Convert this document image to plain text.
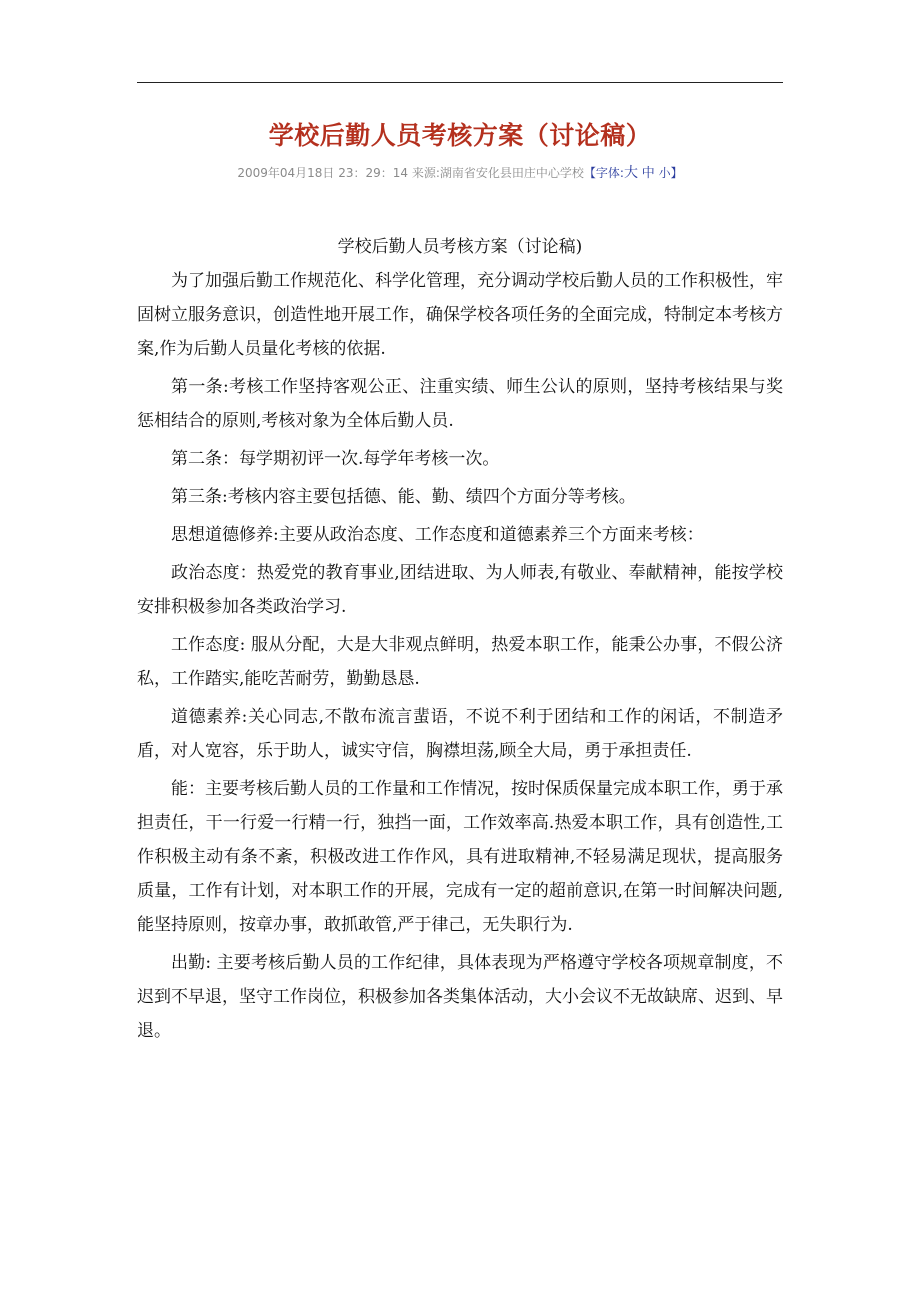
学校后勤人员考核方案（讨论稿）
2009年04月18日 23：29：14 来源:湖南省安化县田庄中心学校【字体:大 中 小】
学校后勤人员考核方案（讨论稿)

为了加强后勤工作规范化、科学化管理，充分调动学校后勤人员的工作积极性，牢固树立服务意识，创造性地开展工作，确保学校各项任务的全面完成，特制定本考核方案,作为后勤人员量化考核的依据.

第一条:考核工作坚持客观公正、注重实绩、师生公认的原则，坚持考核结果与奖惩相结合的原则,考核对象为全体后勤人员.

第二条：每学期初评一次.每学年考核一次。

第三条:考核内容主要包括德、能、勤、绩四个方面分等考核。

思想道德修养:主要从政治态度、工作态度和道德素养三个方面来考核：

政治态度：热爱党的教育事业,团结进取、为人师表,有敬业、奉献精神，能按学校安排积极参加各类政治学习.

工作态度: 服从分配，大是大非观点鲜明，热爱本职工作，能秉公办事，不假公济私，工作踏实,能吃苦耐劳，勤勤恳恳.

道德素养:关心同志,不散布流言蜚语，不说不利于团结和工作的闲话，不制造矛盾，对人宽容，乐于助人，诚实守信，胸襟坦荡,顾全大局，勇于承担责任.

能：主要考核后勤人员的工作量和工作情况，按时保质保量完成本职工作，勇于承担责任，干一行爱一行精一行，独挡一面，工作效率高.热爱本职工作，具有创造性,工作积极主动有条不紊，积极改进工作作风，具有进取精神,不轻易满足现状，提高服务质量，工作有计划，对本职工作的开展，完成有一定的超前意识,在第一时间解决问题,能坚持原则，按章办事，敢抓敢管,严于律己，无失职行为.

出勤: 主要考核后勤人员的工作纪律，具体表现为严格遵守学校各项规章制度，不迟到不早退，坚守工作岗位，积极参加各类集体活动，大小会议不无故缺席、迟到、早退。
